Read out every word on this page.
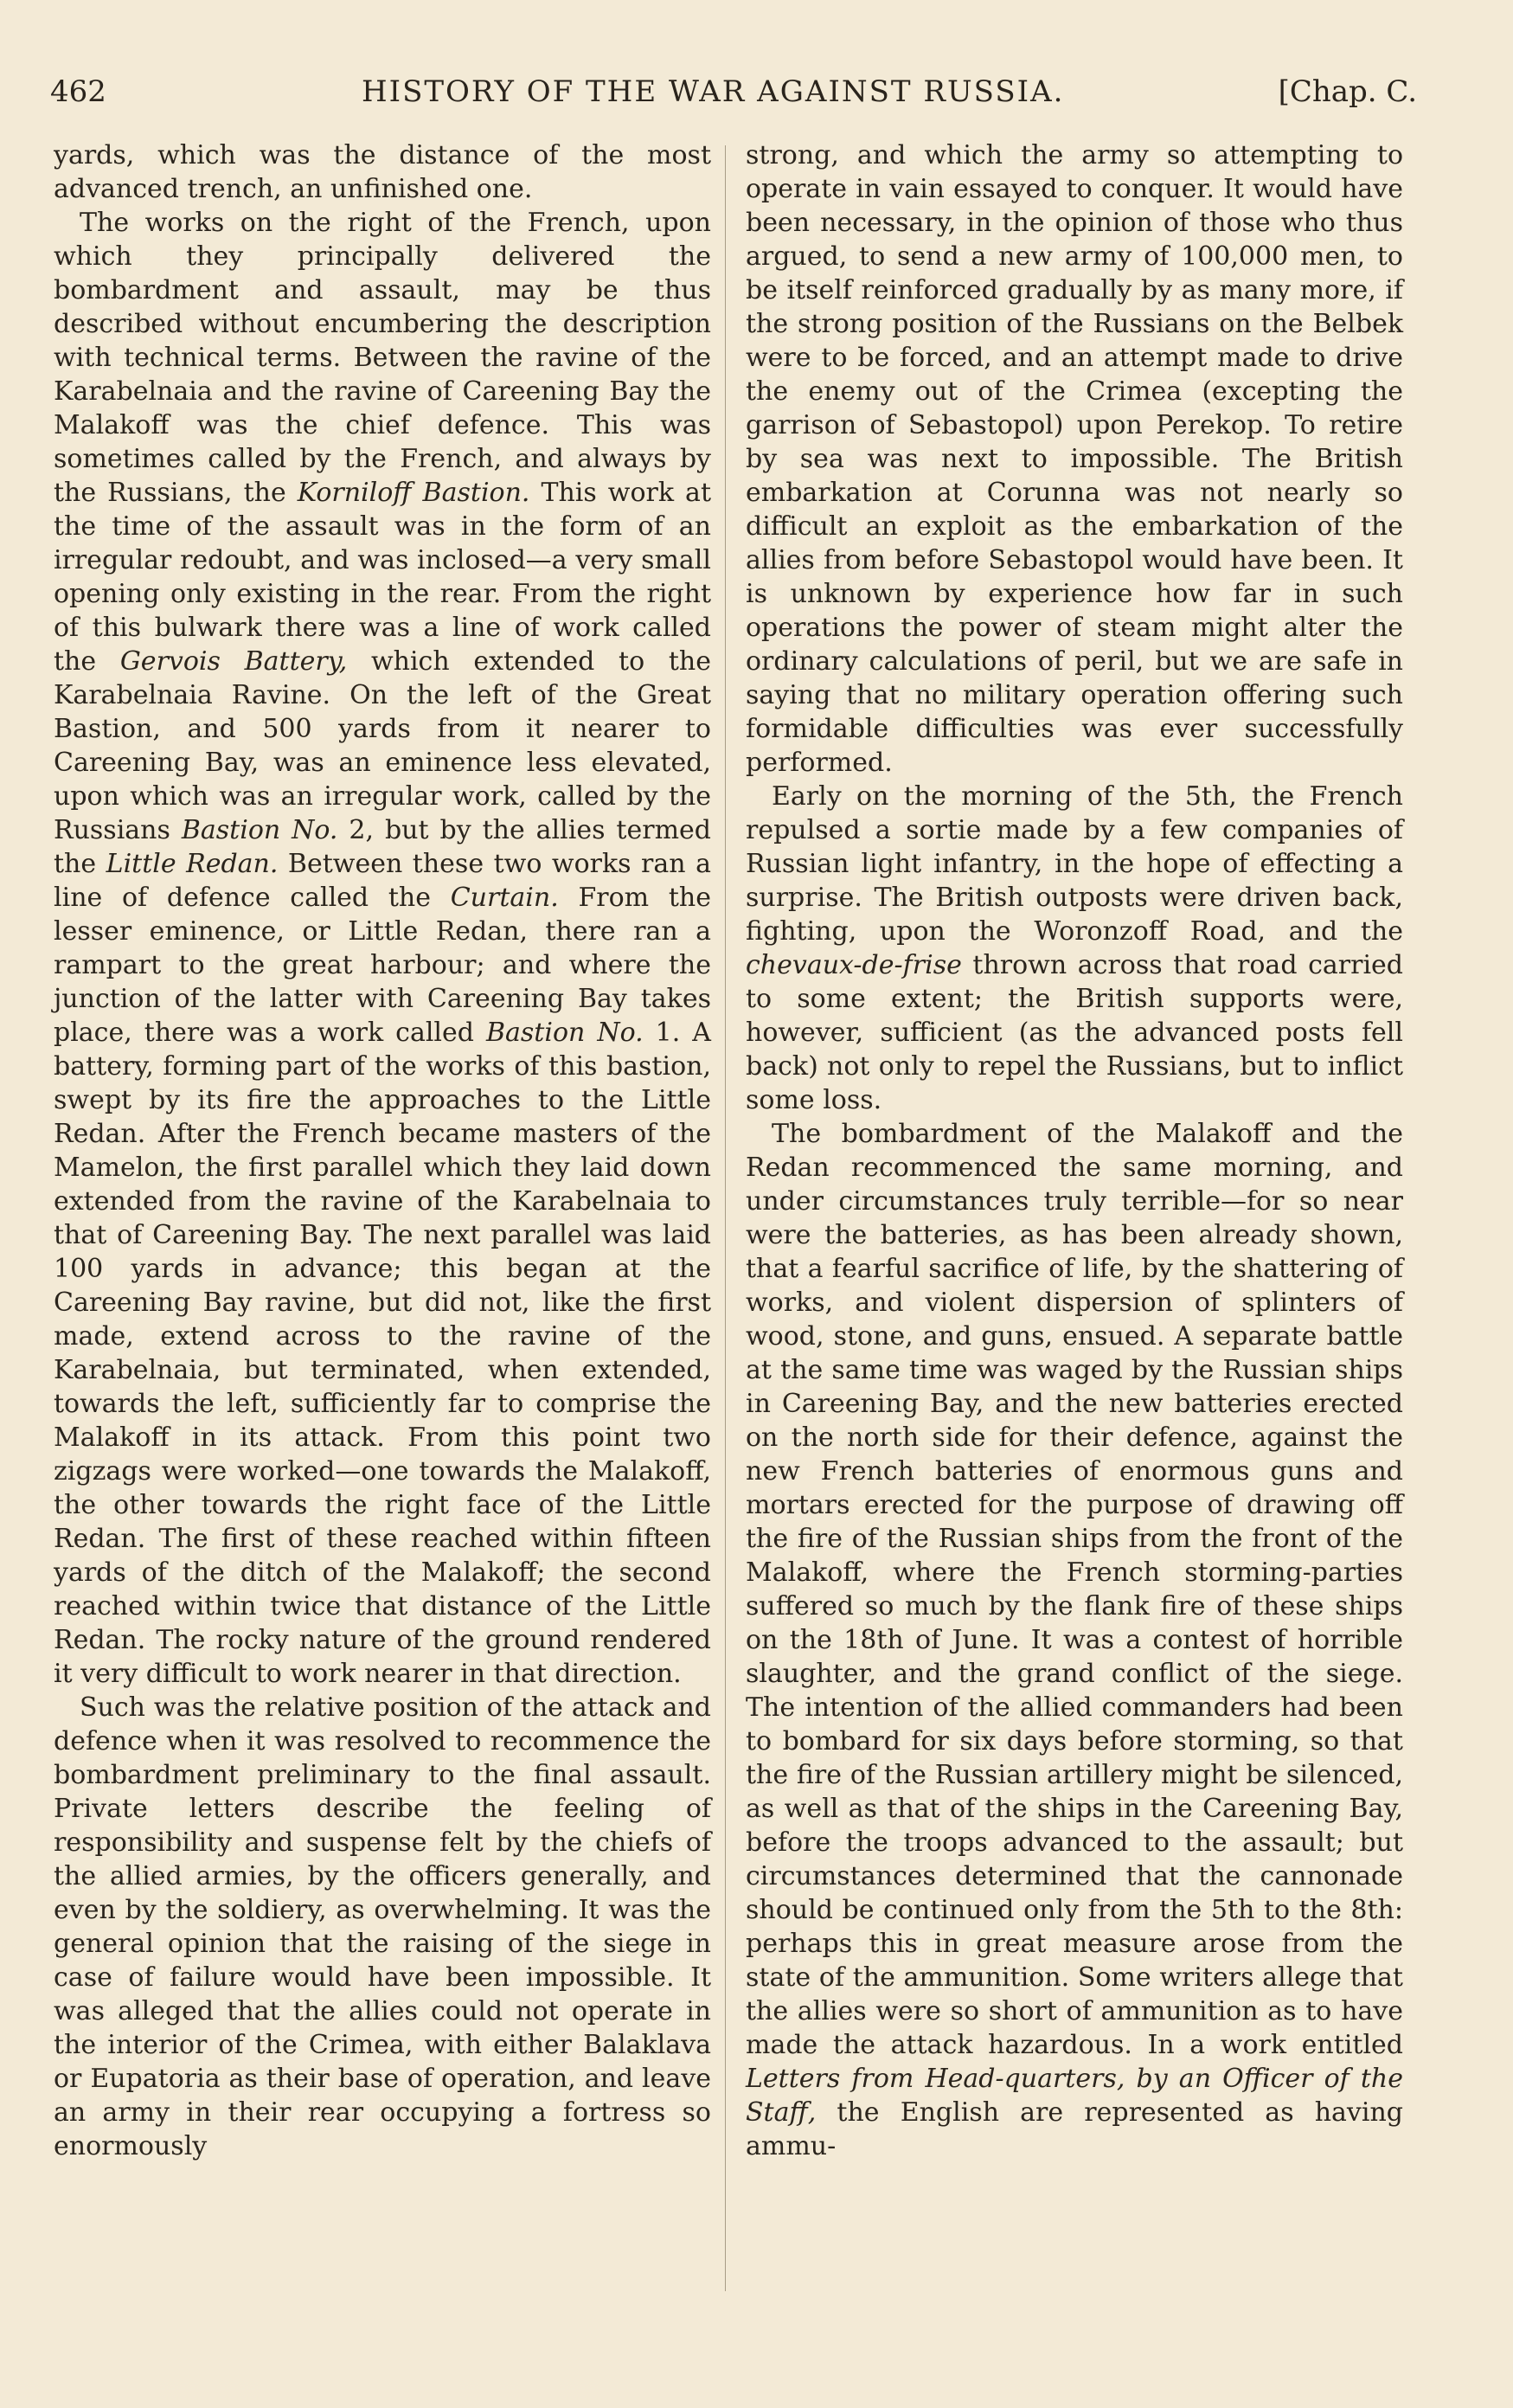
462	HISTORY OF THE WAR AGAINST RUSSIA.	[Chap. C.

yards, which was the distance of the most advanced trench, an unfinished one.

The works on the right of the French, upon which they principally delivered the bombardment and assault, may be thus described without encumbering the description with technical terms. Between the ravine of the Karabelnaia and the ravine of Careening Bay the Malakoff was the chief defence. This was sometimes called by the French, and always by the Russians, the Korniloff Bastion. This work at the time of the assault was in the form of an irregular redoubt, and was inclosed—a very small opening only existing in the rear. From the right of this bulwark there was a line of work called the Gervois Battery, which extended to the Karabelnaia Ravine. On the left of the Great Bastion, and 500 yards from it nearer to Careening Bay, was an eminence less elevated, upon which was an irregular work, called by the Russians Bastion No. 2, but by the allies termed the Little Redan. Between these two works ran a line of defence called the Curtain. From the lesser eminence, or Little Redan, there ran a rampart to the great harbour; and where the junction of the latter with Careening Bay takes place, there was a work called Bastion No. 1. A battery, forming part of the works of this bastion, swept by its fire the approaches to the Little Redan. After the French became masters of the Mamelon, the first parallel which they laid down extended from the ravine of the Karabelnaia to that of Careening Bay. The next parallel was laid 100 yards in advance; this began at the Careening Bay ravine, but did not, like the first made, extend across to the ravine of the Karabelnaia, but terminated, when extended, towards the left, sufficiently far to comprise the Malakoff in its attack. From this point two zigzags were worked—one towards the Malakoff, the other towards the right face of the Little Redan. The first of these reached within fifteen yards of the ditch of the Malakoff; the second reached within twice that distance of the Little Redan. The rocky nature of the ground rendered it very difficult to work nearer in that direction.

Such was the relative position of the attack and defence when it was resolved to recommence the bombardment preliminary to the final assault. Private letters describe the feeling of responsibility and suspense felt by the chiefs of the allied armies, by the officers generally, and even by the soldiery, as overwhelming. It was the general opinion that the raising of the siege in case of failure would have been impossible. It was alleged that the allies could not operate in the interior of the Crimea, with either Balaklava or Eupatoria as their base of operation, and leave an army in their rear occupying a fortress so enormously

strong, and which the army so attempting to operate in vain essayed to conquer. It would have been necessary, in the opinion of those who thus argued, to send a new army of 100,000 men, to be itself reinforced gradually by as many more, if the strong position of the Russians on the Belbek were to be forced, and an attempt made to drive the enemy out of the Crimea (excepting the garrison of Sebastopol) upon Perekop. To retire by sea was next to impossible. The British embarkation at Corunna was not nearly so difficult an exploit as the embarkation of the allies from before Sebastopol would have been. It is unknown by experience how far in such operations the power of steam might alter the ordinary calculations of peril, but we are safe in saying that no military operation offering such formidable difficulties was ever successfully performed.

Early on the morning of the 5th, the French repulsed a sortie made by a few companies of Russian light infantry, in the hope of effecting a surprise. The British outposts were driven back, fighting, upon the Woronzoff Road, and the chevaux-de-frise thrown across that road carried to some extent; the British supports were, however, sufficient (as the advanced posts fell back) not only to repel the Russians, but to inflict some loss.

The bombardment of the Malakoff and the Redan recommenced the same morning, and under circumstances truly terrible—for so near were the batteries, as has been already shown, that a fearful sacrifice of life, by the shattering of works, and violent dispersion of splinters of wood, stone, and guns, ensued. A separate battle at the same time was waged by the Russian ships in Careening Bay, and the new batteries erected on the north side for their defence, against the new French batteries of enormous guns and mortars erected for the purpose of drawing off the fire of the Russian ships from the front of the Malakoff, where the French storming-parties suffered so much by the flank fire of these ships on the 18th of June. It was a contest of horrible slaughter, and the grand conflict of the siege. The intention of the allied commanders had been to bombard for six days before storming, so that the fire of the Russian artillery might be silenced, as well as that of the ships in the Careening Bay, before the troops advanced to the assault; but circumstances determined that the cannonade should be continued only from the 5th to the 8th: perhaps this in great measure arose from the state of the ammunition. Some writers allege that the allies were so short of ammunition as to have made the attack hazardous. In a work entitled Letters from Head-quarters, by an Officer of the Staff, the English are represented as having ammu-
